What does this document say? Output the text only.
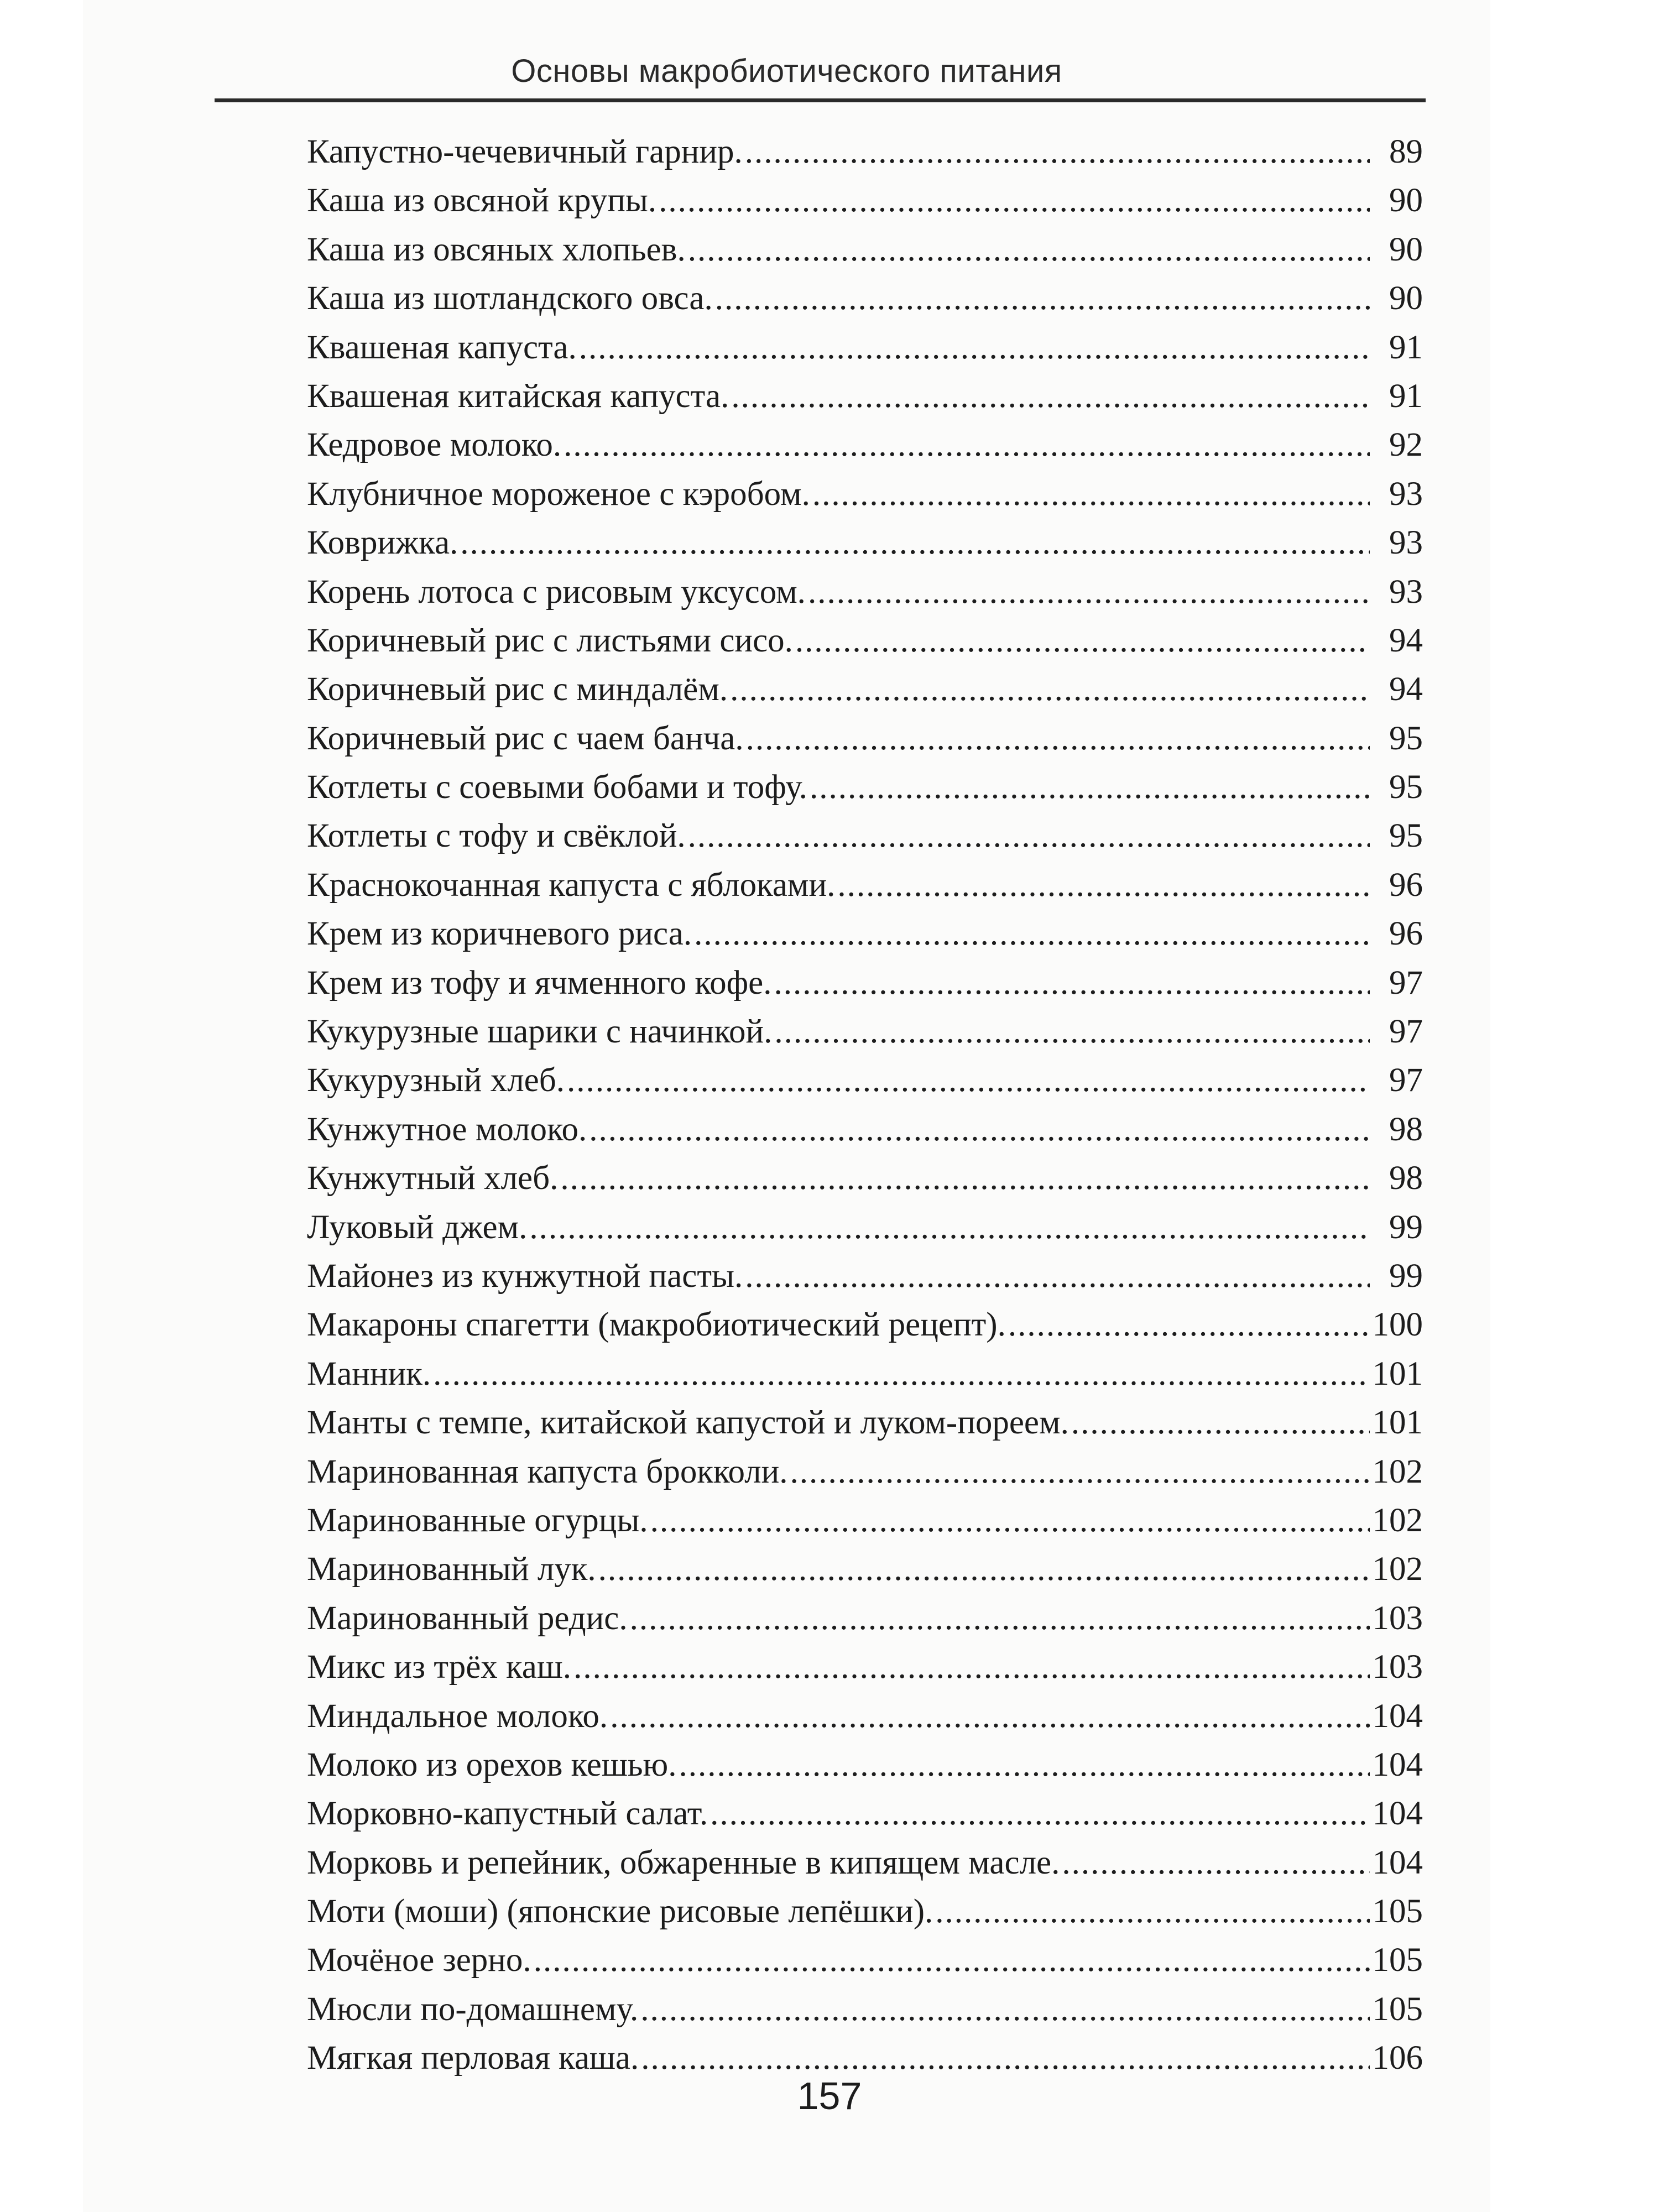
Основы макробиотического питания
Капустно-чечевичный гарнир. .....	89
Каша из овсяной крупы. .....	90
Каша из овсяных хлопьев. .....	90
Каша из шотландского овса. .....	90
Квашеная капуста. .....	91
Квашеная китайская капуста. .....	91
Кедровое молоко. .....	92
Клубничное мороженое с кэробом. .....	93
Коврижка. .....	93
Корень лотоса с рисовым уксусом. .....	93
Коричневый рис с листьями сисо. .....	94
Коричневый рис с миндалём. .....	94
Коричневый рис с чаем банча. .....	95
Котлеты с соевыми бобами и тофу. .....	95
Котлеты с тофу и свёклой. .....	95
Краснокочанная капуста с яблоками. .....	96
Крем из коричневого риса. .....	96
Крем из тофу и ячменного кофе. .....	97
Кукурузные шарики с начинкой. .....	97
Кукурузный хлеб. .....	97
Кунжутное молоко. .....	98
Кунжутный хлеб. .....	98
Луковый джем. .....	99
Майонез из кунжутной пасты. .....	99
Макароны спагетти (макробиотический рецепт). .....	100
Манник. .....	101
Манты с темпе, китайской капустой и луком-пореем. .....	101
Маринованная капуста брокколи. .....	102
Маринованные огурцы. .....	102
Маринованный лук. .....	102
Маринованный редис. .....	103
Микс из трёх каш. .....	103
Миндальное молоко. .....	104
Молоко из орехов кешью. .....	104
Морковно-капустный салат. .....	104
Морковь и репейник, обжаренные в кипящем масле. .....	104
Моти (моши) (японские рисовые лепёшки). .....	105
Мочёное зерно. .....	105
Мюсли по-домашнему. .....	105
Мягкая перловая каша. .....	106
157
